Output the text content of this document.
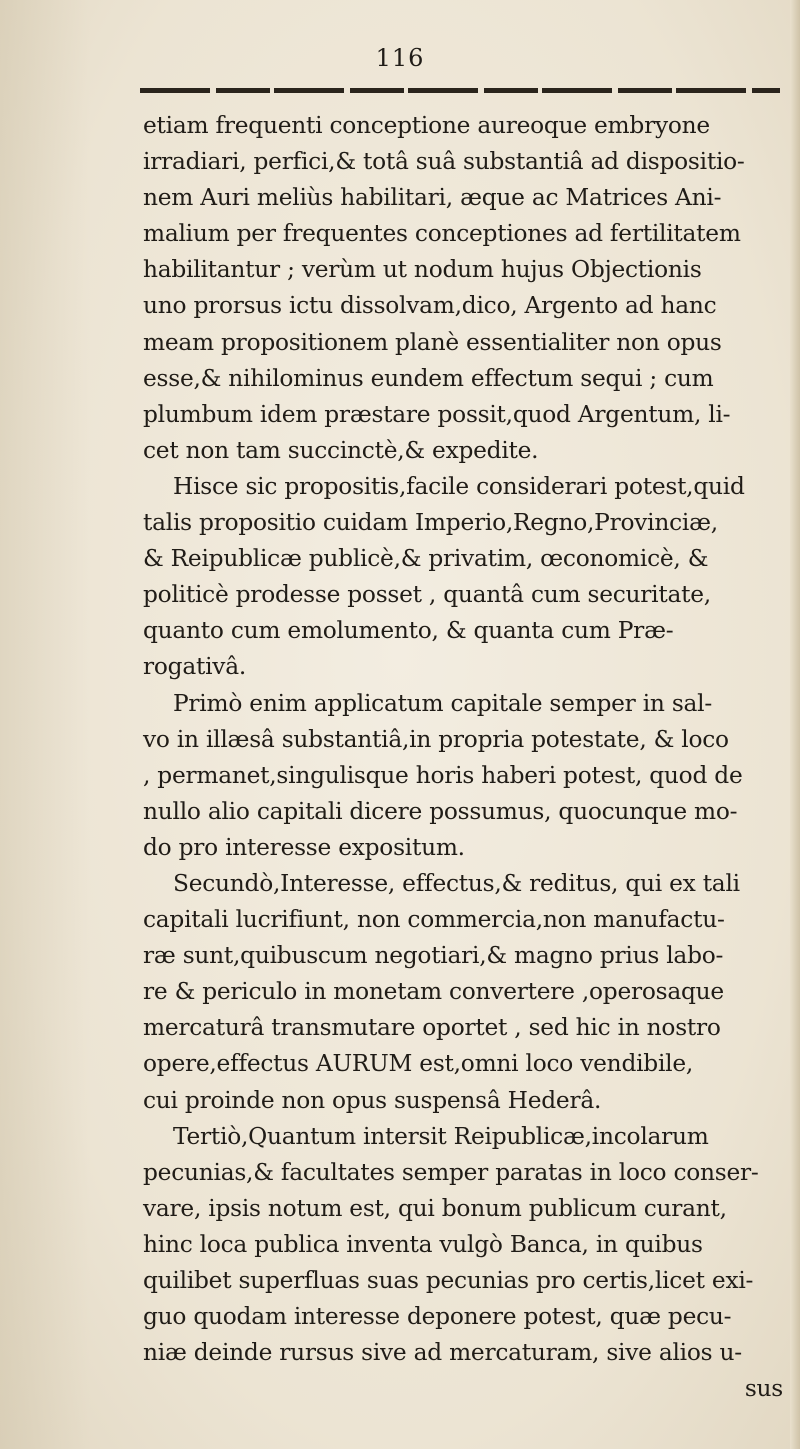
116
etiam frequenti conceptione aureoque embryone
irradiari, perfici,& totâ suâ substantiâ ad dispositio-
nem Auri meliùs habilitari, æque ac Matrices Ani-
malium per frequentes conceptiones ad fertilitatem
habilitantur ; verùm ut nodum hujus Objectionis
uno prorsus ictu dissolvam,dico, Argento ad hanc
meam propositionem planè essentialiter non opus
esse,& nihilominus eundem effectum sequi ; cum
plumbum idem præstare possit,quod Argentum, li-
cet non tam succinctè,& expedite.
Hisce sic propositis,facile considerari potest,quid
talis propositio cuidam Imperio,Regno,Provinciæ,
& Reipublicæ publicè,& privatim, œconomicè, &
politicè prodesse posset , quantâ cum securitate,
quanto cum emolumento, & quanta cum Præ-
rogativâ.
Primò enim applicatum capitale semper in sal-
vo in illæsâ substantiâ,in propria potestate, & loco
, permanet,singulisque horis haberi potest, quod de
nullo alio capitali dicere possumus, quocunque mo-
do pro interesse expositum.
Secundò,Interesse, effectus,& reditus, qui ex tali
capitali lucrifiunt, non commercia,non manufactu-
ræ sunt,quibuscum negotiari,& magno prius labo-
re & periculo in monetam convertere ,operosaque
mercaturâ transmutare oportet , sed hic in nostro
opere,effectus AURUM est,omni loco vendibile,
cui proinde non opus suspensâ Hederâ.
Tertiò,Quantum intersit Reipublicæ,incolarum
pecunias,& facultates semper paratas in loco conser-
vare, ipsis notum est, qui bonum publicum curant,
hinc loca publica inventa vulgò Banca, in quibus
quilibet superfluas suas pecunias pro certis,licet exi-
guo quodam interesse deponere potest, quæ pecu-
niæ deinde rursus sive ad mercaturam, sive alios u-
sus
